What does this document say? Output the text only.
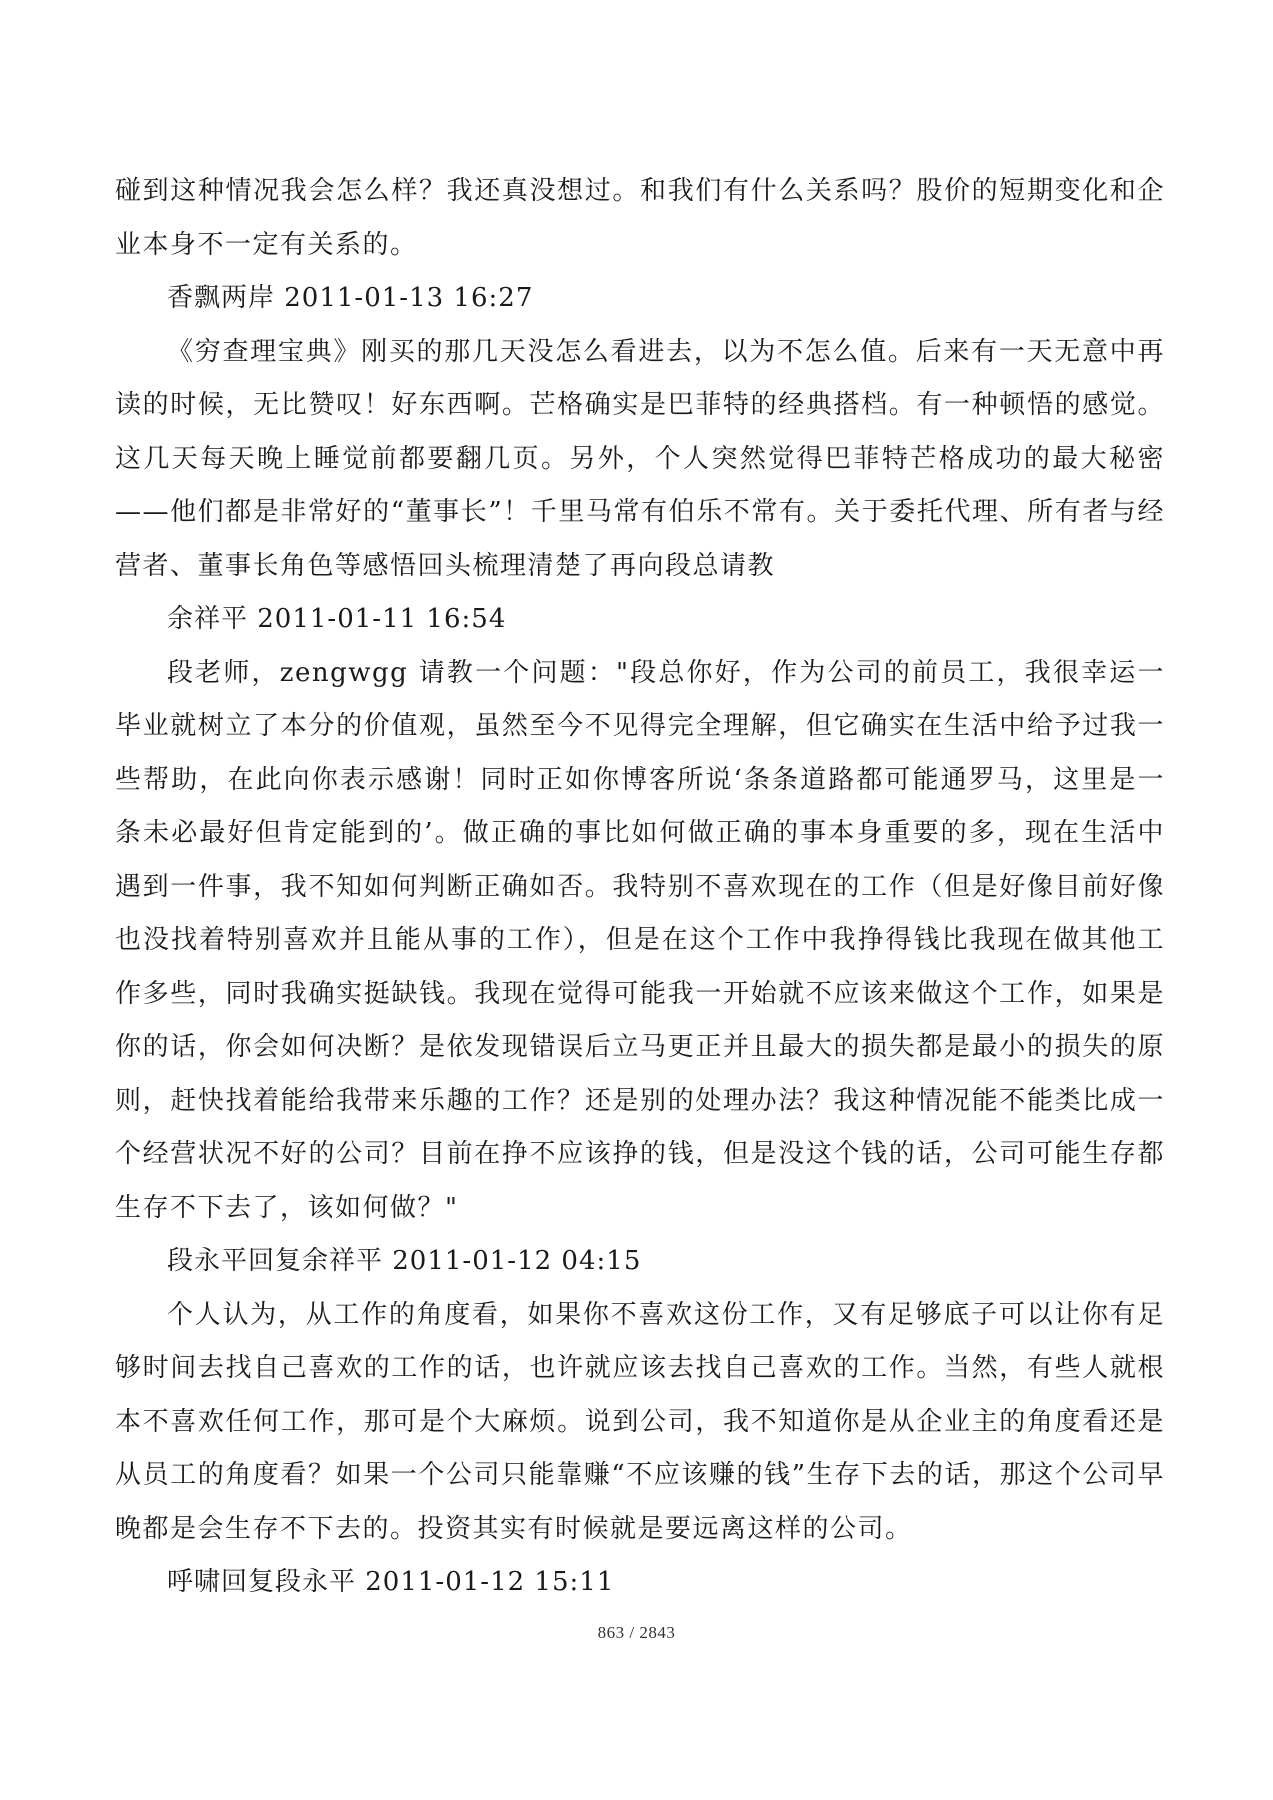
碰到这种情况我会怎么样？我还真没想过。和我们有什么关系吗？股价的短期变化和企业本身不一定有关系的。

香飘两岸 2011-01-13 16:27

《穷查理宝典》刚买的那几天没怎么看进去，以为不怎么值。后来有一天无意中再读的时候，无比赞叹！好东西啊。芒格确实是巴菲特的经典搭档。有一种顿悟的感觉。这几天每天晚上睡觉前都要翻几页。另外，个人突然觉得巴菲特芒格成功的最大秘密——他们都是非常好的“董事长”！千里马常有伯乐不常有。关于委托代理、所有者与经营者、董事长角色等感悟回头梳理清楚了再向段总请教

余祥平 2011-01-11 16:54

段老师，zengwgg 请教一个问题："段总你好，作为公司的前员工，我很幸运一毕业就树立了本分的价值观，虽然至今不见得完全理解，但它确实在生活中给予过我一些帮助，在此向你表示感谢！同时正如你博客所说‘条条道路都可能通罗马，这里是一条未必最好但肯定能到的’。做正确的事比如何做正确的事本身重要的多，现在生活中遇到一件事，我不知如何判断正确如否。我特别不喜欢现在的工作（但是好像目前好像也没找着特别喜欢并且能从事的工作），但是在这个工作中我挣得钱比我现在做其他工作多些，同时我确实挺缺钱。我现在觉得可能我一开始就不应该来做这个工作，如果是你的话，你会如何决断？是依发现错误后立马更正并且最大的损失都是最小的损失的原则，赶快找着能给我带来乐趣的工作？还是别的处理办法？我这种情况能不能类比成一个经营状况不好的公司？目前在挣不应该挣的钱，但是没这个钱的话，公司可能生存都生存不下去了，该如何做？"

段永平回复余祥平 2011-01-12 04:15

个人认为，从工作的角度看，如果你不喜欢这份工作，又有足够底子可以让你有足够时间去找自己喜欢的工作的话，也许就应该去找自己喜欢的工作。当然，有些人就根本不喜欢任何工作，那可是个大麻烦。说到公司，我不知道你是从企业主的角度看还是从员工的角度看？如果一个公司只能靠赚“不应该赚的钱”生存下去的话，那这个公司早晚都是会生存不下去的。投资其实有时候就是要远离这样的公司。

呼啸回复段永平 2011-01-12 15:11

863 / 2843
